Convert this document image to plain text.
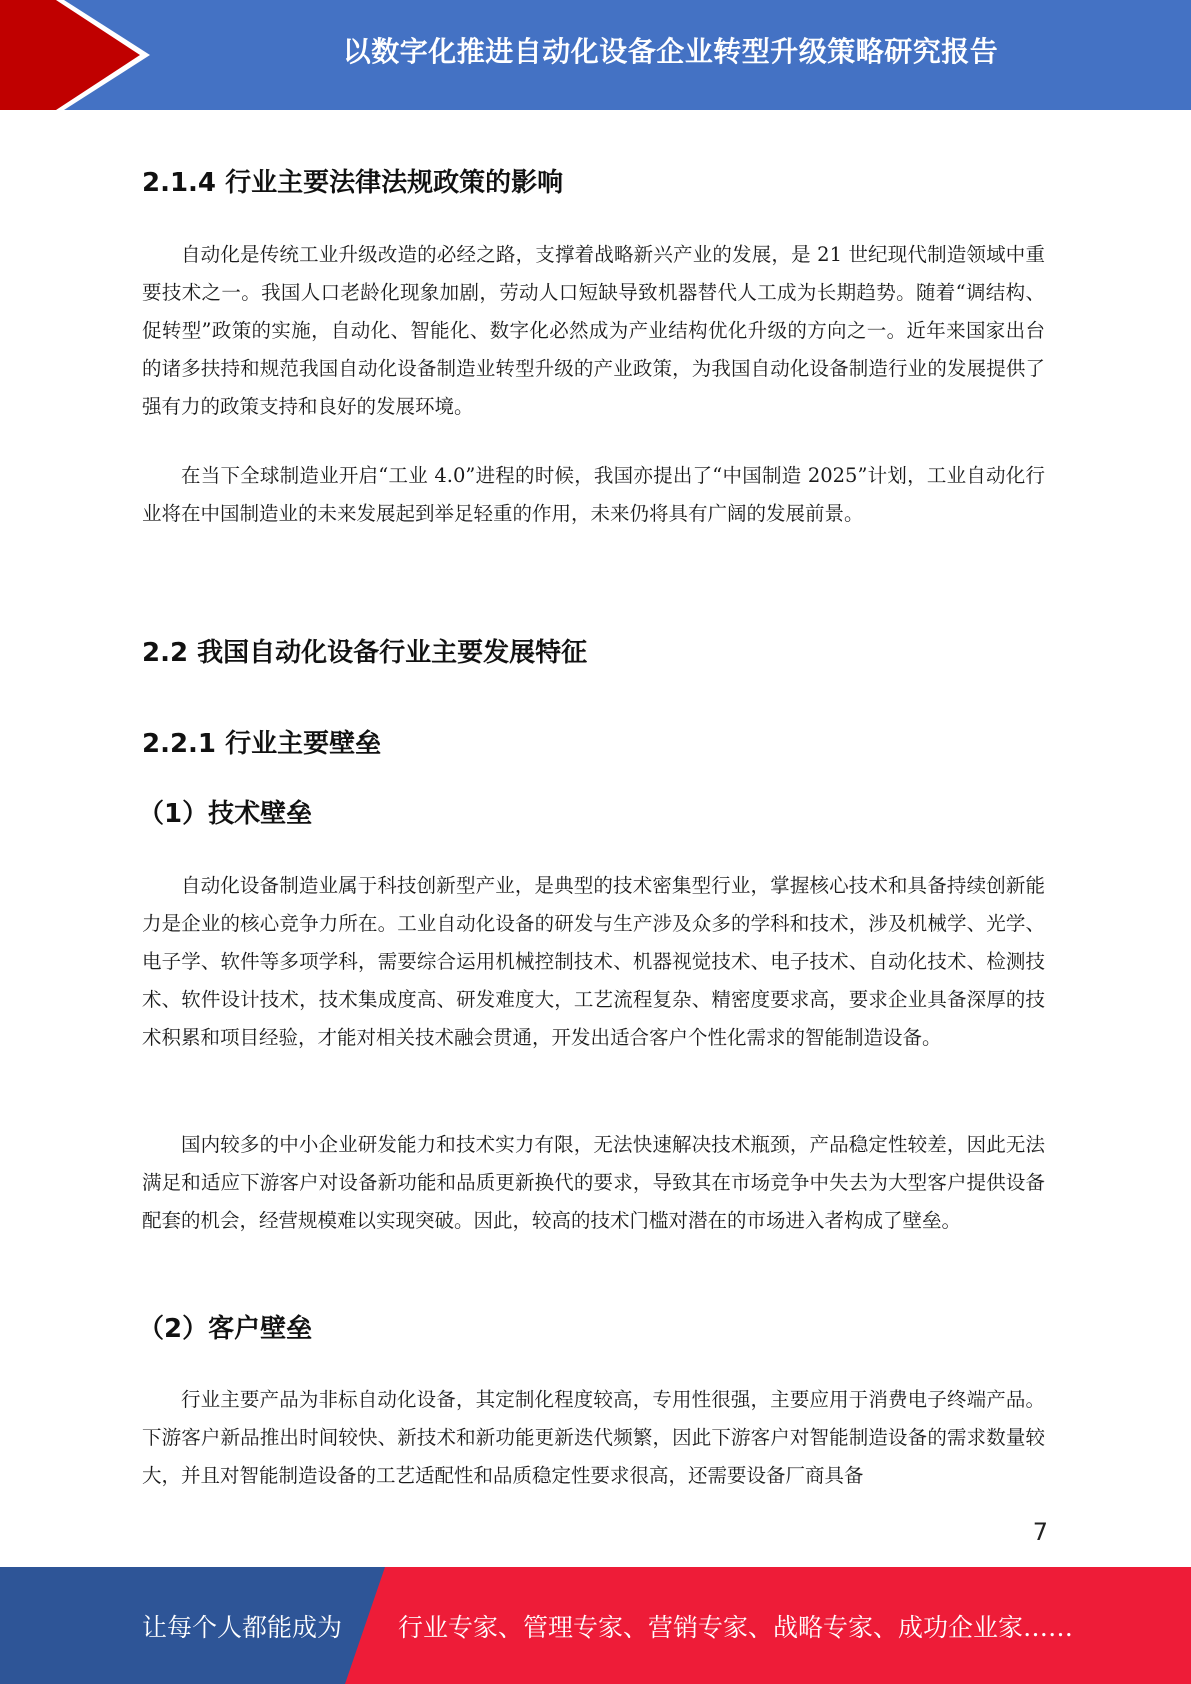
以数字化推进自动化设备企业转型升级策略研究报告
2.1.4 行业主要法律法规政策的影响

自动化是传统工业升级改造的必经之路，支撑着战略新兴产业的发展，是 21 世纪现代制造领域中重要技术之一。我国人口老龄化现象加剧，劳动人口短缺导致机器替代人工成为长期趋势。随着“调结构、促转型”政策的实施，自动化、智能化、数字化必然成为产业结构优化升级的方向之一。近年来国家出台的诸多扶持和规范我国自动化设备制造业转型升级的产业政策，为我国自动化设备制造行业的发展提供了强有力的政策支持和良好的发展环境。

在当下全球制造业开启“工业 4.0”进程的时候，我国亦提出了“中国制造 2025”计划，工业自动化行业将在中国制造业的未来发展起到举足轻重的作用，未来仍将具有广阔的发展前景。

2.2 我国自动化设备行业主要发展特征
2.2.1 行业主要壁垒
（1）技术壁垒

自动化设备制造业属于科技创新型产业，是典型的技术密集型行业，掌握核心技术和具备持续创新能力是企业的核心竞争力所在。工业自动化设备的研发与生产涉及众多的学科和技术，涉及机械学、光学、电子学、软件等多项学科，需要综合运用机械控制技术、机器视觉技术、电子技术、自动化技术、检测技术、软件设计技术，技术集成度高、研发难度大，工艺流程复杂、精密度要求高，要求企业具备深厚的技术积累和项目经验，才能对相关技术融会贯通，开发出适合客户个性化需求的智能制造设备。

国内较多的中小企业研发能力和技术实力有限，无法快速解决技术瓶颈，产品稳定性较差，因此无法满足和适应下游客户对设备新功能和品质更新换代的要求，导致其在市场竞争中失去为大型客户提供设备配套的机会，经营规模难以实现突破。因此，较高的技术门槛对潜在的市场进入者构成了壁垒。

（2）客户壁垒

行业主要产品为非标自动化设备，其定制化程度较高，专用性很强，主要应用于消费电子终端产品。下游客户新品推出时间较快、新技术和新功能更新迭代频繁，因此下游客户对智能制造设备的需求数量较大，并且对智能制造设备的工艺适配性和品质稳定性要求很高，还需要设备厂商具备

7
让每个人都能成为 行业专家、管理专家、营销专家、战略专家、成功企业家……
